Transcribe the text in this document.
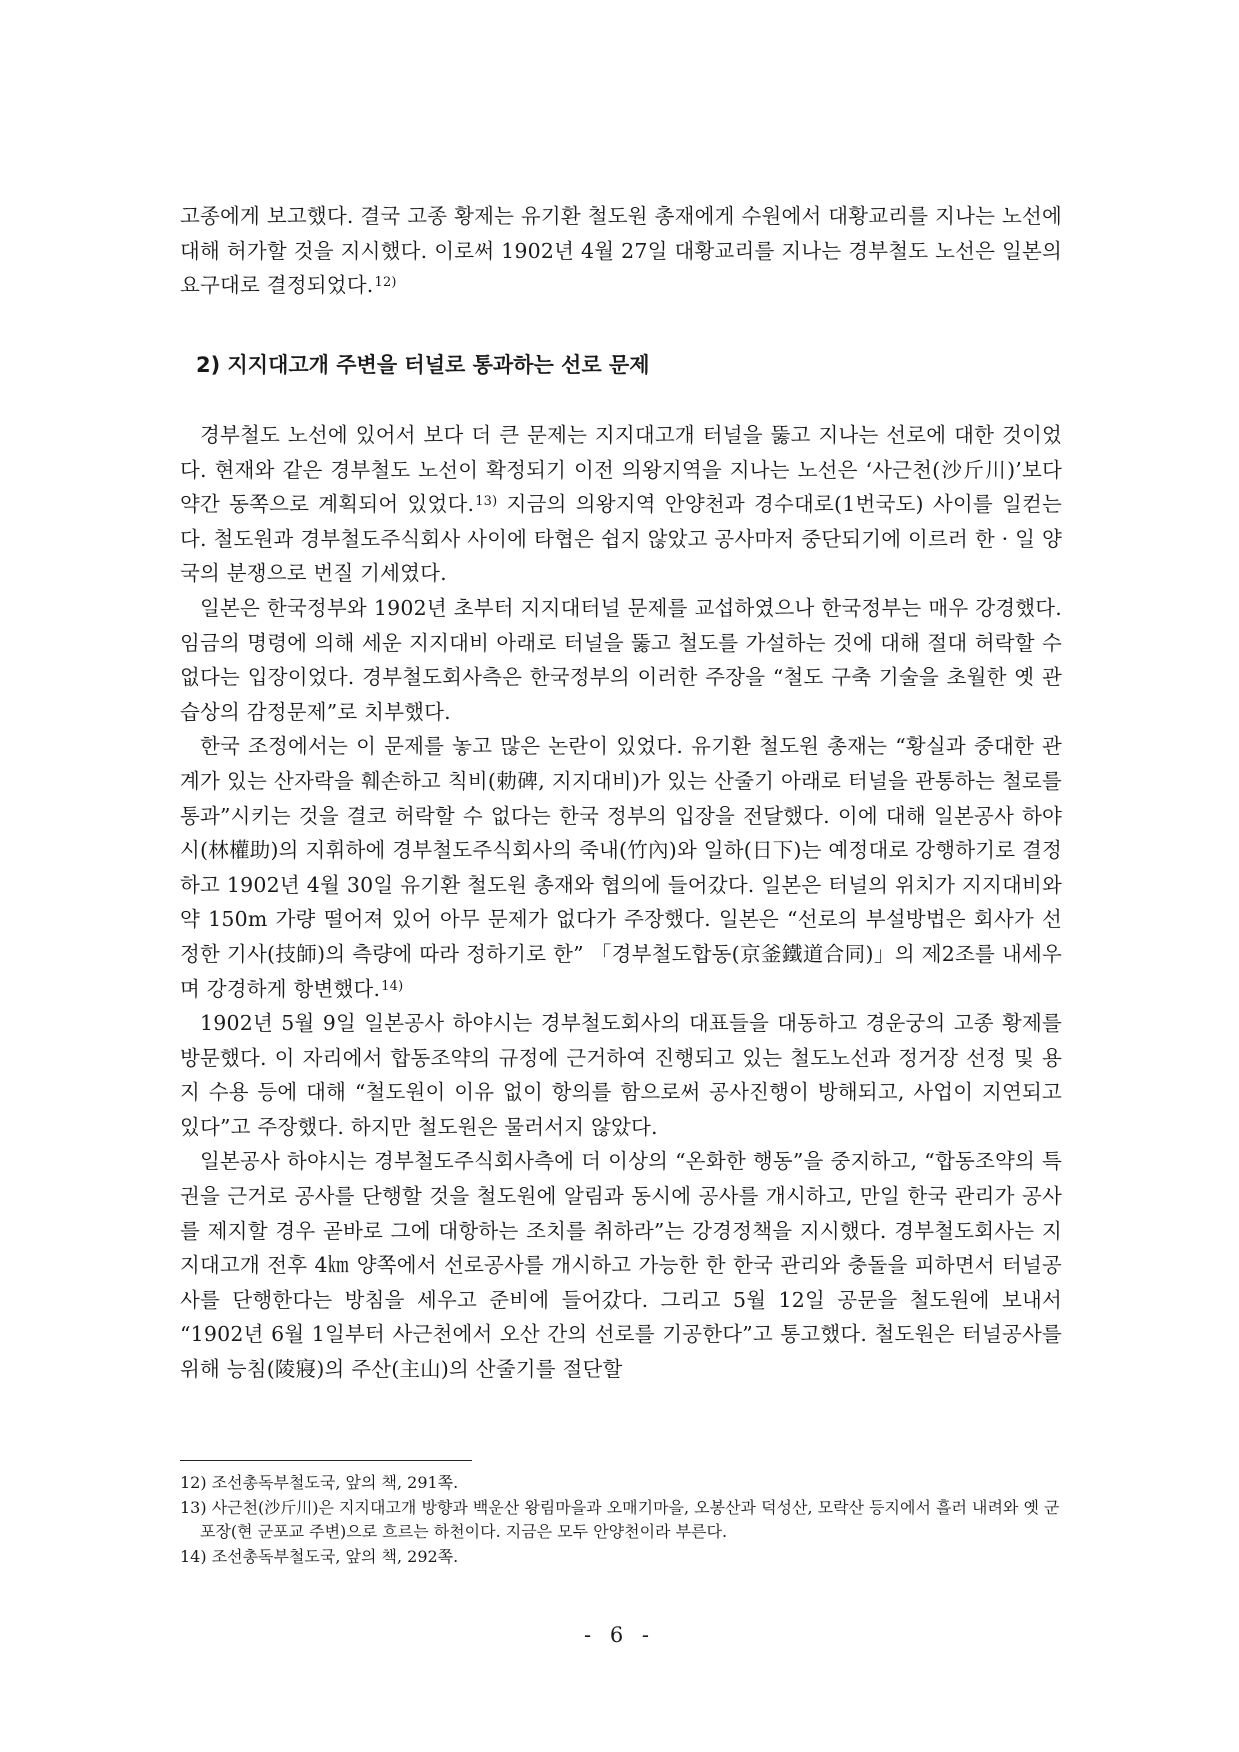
고종에게 보고했다. 결국 고종 황제는 유기환 철도원 총재에게 수원에서 대황교리를 지나는 노선에 대해 허가할 것을 지시했다. 이로써 1902년 4월 27일 대황교리를 지나는 경부철도 노선은 일본의 요구대로 결정되었다.$^{12)}$

2) 지지대고개 주변을 터널로 통과하는 선로 문제

경부철도 노선에 있어서 보다 더 큰 문제는 지지대고개 터널을 뚫고 지나는 선로에 대한 것이었다. 현재와 같은 경부철도 노선이 확정되기 이전 의왕지역을 지나는 노선은 ‘사근천(沙斤川)’보다 약간 동쪽으로 계획되어 있었다.$^{13)}$ 지금의 의왕지역 안양천과 경수대로(1번국도) 사이를 일컫는다. 철도원과 경부철도주식회사 사이에 타협은 쉽지 않았고 공사마저 중단되기에 이르러 한 · 일 양국의 분쟁으로 번질 기세였다.

일본은 한국정부와 1902년 초부터 지지대터널 문제를 교섭하였으나 한국정부는 매우 강경했다. 임금의 명령에 의해 세운 지지대비 아래로 터널을 뚫고 철도를 가설하는 것에 대해 절대 허락할 수 없다는 입장이었다. 경부철도회사측은 한국정부의 이러한 주장을 “철도 구축 기술을 초월한 옛 관습상의 감정문제”로 치부했다.

한국 조정에서는 이 문제를 놓고 많은 논란이 있었다. 유기환 철도원 총재는 “황실과 중대한 관계가 있는 산자락을 훼손하고 칙비(勅碑, 지지대비)가 있는 산줄기 아래로 터널을 관통하는 철로를 통과”시키는 것을 결코 허락할 수 없다는 한국 정부의 입장을 전달했다. 이에 대해 일본공사 하야시(林權助)의 지휘하에 경부철도주식회사의 죽내(竹內)와 일하(日下)는 예정대로 강행하기로 결정하고 1902년 4월 30일 유기환 철도원 총재와 협의에 들어갔다. 일본은 터널의 위치가 지지대비와 약 150m 가량 떨어져 있어 아무 문제가 없다가 주장했다. 일본은 “선로의 부설방법은 회사가 선정한 기사(技師)의 측량에 따라 정하기로 한” 「경부철도합동(京釜鐵道合同)」의 제2조를 내세우며 강경하게 항변했다.$^{14)}$

1902년 5월 9일 일본공사 하야시는 경부철도회사의 대표들을 대동하고 경운궁의 고종 황제를 방문했다. 이 자리에서 합동조약의 규정에 근거하여 진행되고 있는 철도노선과 정거장 선정 및 용지 수용 등에 대해 “철도원이 이유 없이 항의를 함으로써 공사진행이 방해되고, 사업이 지연되고 있다”고 주장했다. 하지만 철도원은 물러서지 않았다.

일본공사 하야시는 경부철도주식회사측에 더 이상의 “온화한 행동”을 중지하고, “합동조약의 특권을 근거로 공사를 단행할 것을 철도원에 알림과 동시에 공사를 개시하고, 만일 한국 관리가 공사를 제지할 경우 곧바로 그에 대항하는 조치를 취하라”는 강경정책을 지시했다. 경부철도회사는 지지대고개 전후 4㎞ 양쪽에서 선로공사를 개시하고 가능한 한 한국 관리와 충돌을 피하면서 터널공사를 단행한다는 방침을 세우고 준비에 들어갔다. 그리고 5월 12일 공문을 철도원에 보내서 “1902년 6월 1일부터 사근천에서 오산 간의 선로를 기공한다”고 통고했다. 철도원은 터널공사를 위해 능침(陵寢)의 주산(主山)의 산줄기를 절단할

12) 조선총독부철도국, 앞의 책, 291쪽.
13) 사근천(沙斤川)은 지지대고개 방향과 백운산 왕림마을과 오매기마을, 오봉산과 덕성산, 모락산 등지에서 흘러 내려와 옛 군포장(현 군포교 주변)으로 흐르는 하천이다. 지금은 모두 안양천이라 부른다.
14) 조선총독부철도국, 앞의 책, 292쪽.
- 6 -
